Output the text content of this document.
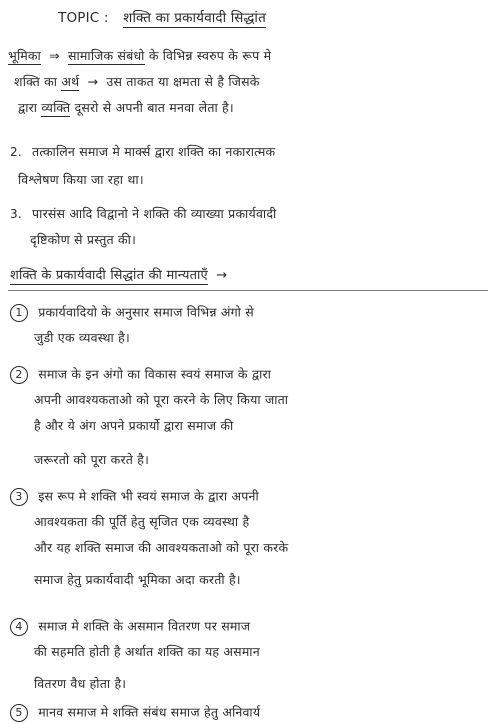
TOPIC : शक्ति का प्रकार्यवादी सिद्धांत
भूमिका ⇒ सामाजिक संबंधो के विभिन्न स्वरुप के रूप मे
शक्ति का अर्थ → उस ताकत या क्षमता से है जिसके
द्वारा व्यक्ति दूसरो से अपनी बात मनवा लेता है।
2. तत्कालिन समाज मे मार्क्स द्वारा शक्ति का नकारात्मक
विश्लेषण किया जा रहा था।
3. पारसंस आदि विद्वानो ने शक्ति की व्याख्या प्रकार्यवादी
दृष्टिकोण से प्रस्तुत की।
शक्ति के प्रकार्यवादी सिद्धांत की मान्यताएँ →
1 प्रकार्यवादियो के अनुसार समाज विभिन्न अंगो से
जुडी एक व्यवस्था है।
2 समाज के इन अंगो का विकास स्वयं समाज के द्वारा
अपनी आवश्यकताओ को पूरा करने के लिए किया जाता
है और ये अंग अपने प्रकार्यो द्वारा समाज की
जरूरतो को पूरा करते है।
3 इस रूप मे शक्ति भी स्वयं समाज के द्वारा अपनी
आवश्यकता की पूर्ति हेतु सृजित एक व्यवस्था है
और यह शक्ति समाज की आवश्यकताओ को पूरा करके
समाज हेतु प्रकार्यवादी भूमिका अदा करती है।
4 समाज मे शक्ति के असमान वितरण पर समाज
की सहमति होती है अर्थात शक्ति का यह असमान
वितरण वैध होता है।
5 मानव समाज मे शक्ति संबंध समाज हेतु अनिवार्य
